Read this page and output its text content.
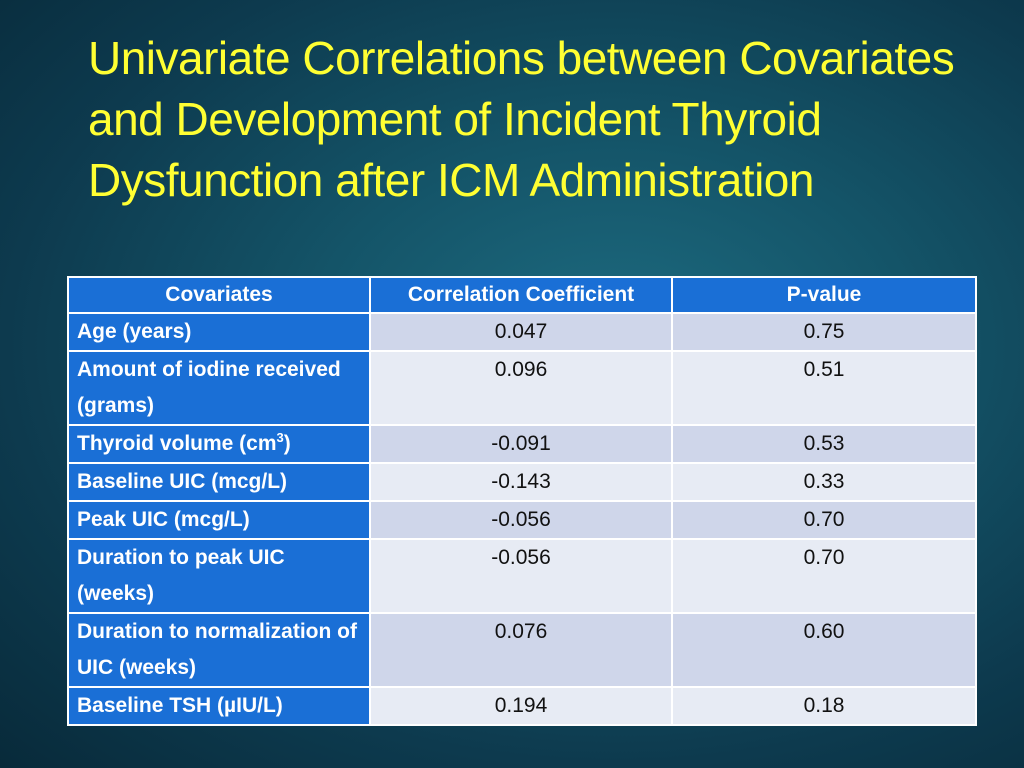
Univariate Correlations between Covariates and Development of Incident Thyroid Dysfunction after ICM Administration
Covariates	Correlation Coefficient	P-value
Age (years)	0.047	0.75
Amount of iodine received (grams)	0.096	0.51
Thyroid volume $(cm^3)$	-0.091	0.53
Baseline UIC (mcg/L)	-0.143	0.33
Peak UIC (mcg/L)	-0.056	0.70
Duration to peak UIC (weeks)	-0.056	0.70
Duration to normalization of UIC (weeks)	0.076	0.60
Baseline TSH (µIU/L)	0.194	0.18
